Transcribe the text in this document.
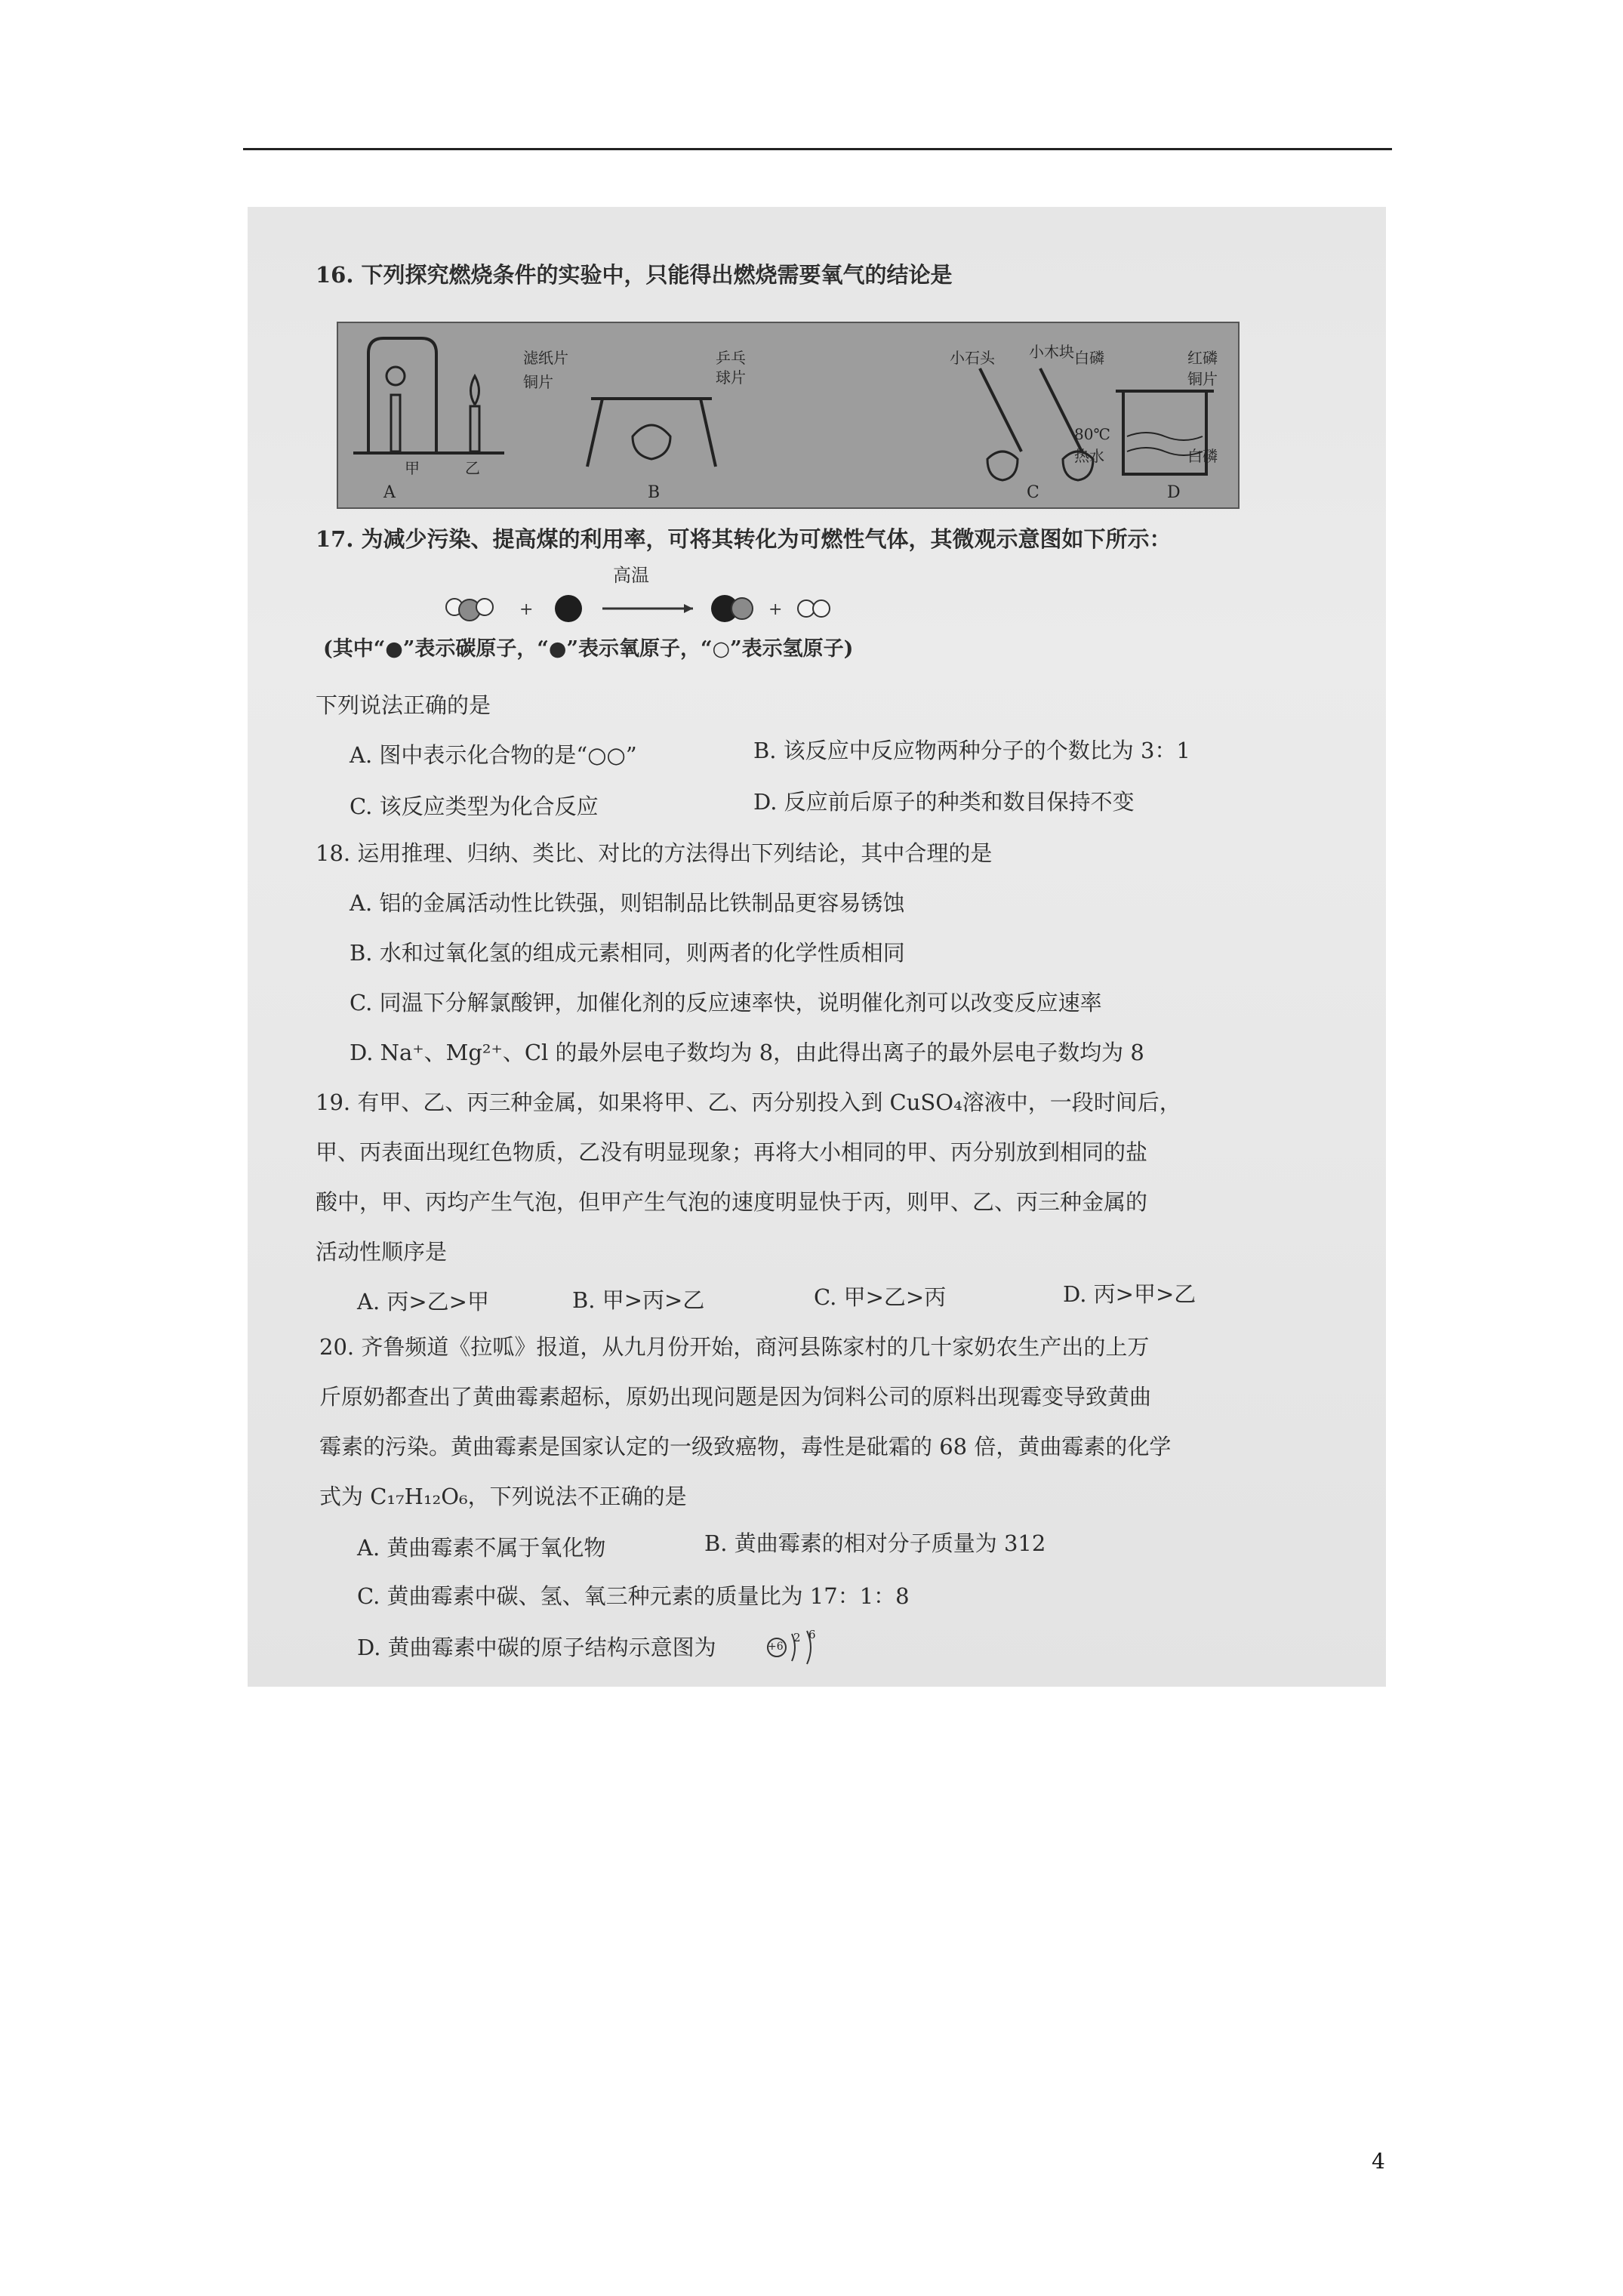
16. 下列探究燃烧条件的实验中，只能得出燃烧需要氧气的结论是
甲	乙
A
滤纸片
铜片
乒乓
球片
B
小石头 小木块
C
白磷	红磷
铜片
80℃
热水	白磷
D
17. 为减少污染、提高煤的利用率，可将其转化为可燃性气体，其微观示意图如下所示：
+	+
高温
(其中“●”表示碳原子，“●”表示氧原子，“○”表示氢原子)
下列说法正确的是
A. 图中表示化合物的是“○○”	B. 该反应中反应物两种分子的个数比为 3：1
C. 该反应类型为化合反应	D. 反应前后原子的种类和数目保持不变
18. 运用推理、归纳、类比、对比的方法得出下列结论，其中合理的是
A. 铝的金属活动性比铁强，则铝制品比铁制品更容易锈蚀
B. 水和过氧化氢的组成元素相同，则两者的化学性质相同
C. 同温下分解氯酸钾，加催化剂的反应速率快，说明催化剂可以改变反应速率
D. Na⁺、Mg²⁺、Cl 的最外层电子数均为 8，由此得出离子的最外层电子数均为 8
19. 有甲、乙、丙三种金属，如果将甲、乙、丙分别投入到 CuSO₄溶液中，一段时间后，
甲、丙表面出现红色物质，乙没有明显现象；再将大小相同的甲、丙分别放到相同的盐
酸中，甲、丙均产生气泡，但甲产生气泡的速度明显快于丙，则甲、乙、丙三种金属的
活动性顺序是
A. 丙>乙>甲	B. 甲>丙>乙	C. 甲>乙>丙	D. 丙>甲>乙
20. 齐鲁频道《拉呱》报道，从九月份开始，商河县陈家村的几十家奶农生产出的上万
斤原奶都查出了黄曲霉素超标，原奶出现问题是因为饲料公司的原料出现霉变导致黄曲
霉素的污染。黄曲霉素是国家认定的一级致癌物，毒性是砒霜的 68 倍，黄曲霉素的化学
式为 C₁₇H₁₂O₆，下列说法不正确的是
A. 黄曲霉素不属于氧化物	B. 黄曲霉素的相对分子质量为 312
C. 黄曲霉素中碳、氢、氧三种元素的质量比为 17：1：8
D. 黄曲霉素中碳的原子结构示意图为	+6
2 6
4
